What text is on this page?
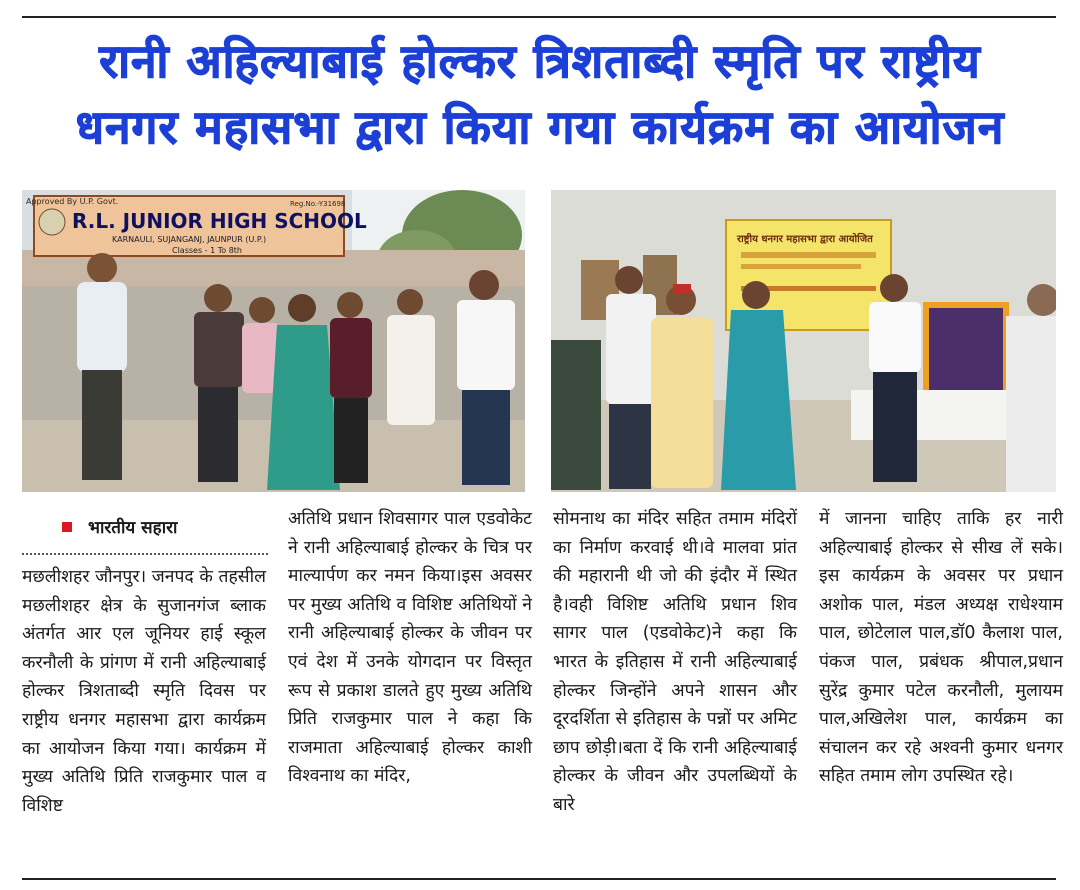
रानी अहिल्याबाई होल्कर त्रिशताब्दी स्मृति पर राष्ट्रीय
धनगर महासभा द्वारा किया गया कार्यक्रम का आयोजन
Approved By U.P. Govt.	Reg.No.-Y31698
R.L. JUNIOR HIGH SCHOOL
KARNAULI, SUJANGANJ, JAUNPUR (U.P.)
Classes - 1 To 8th
राष्ट्रीय धनगर महासभा द्वारा आयोजित
भारतीय सहारा

मछलीशहर जौनपुर। जनपद के तहसील मछलीशहर क्षेत्र के सुजानगंज ब्लाक अंतर्गत आर एल जूनियर हाई स्कूल करनौली के प्रांगण में रानी अहिल्याबाई होल्कर त्रिशताब्दी स्मृति दिवस पर राष्ट्रीय धनगर महासभा द्वारा कार्यक्रम का आयोजन किया गया। कार्यक्रम में मुख्य अतिथि प्रिति राजकुमार पाल व विशिष्ट

अतिथि प्रधान शिवसागर पाल एडवोकेट ने रानी अहिल्याबाई होल्कर के चित्र पर माल्यार्पण कर नमन किया।इस अवसर पर मुख्य अतिथि व विशिष्ट अतिथियों ने रानी अहिल्याबाई होल्कर के जीवन पर एवं देश में उनके योगदान पर विस्तृत रूप से प्रकाश डालते हुए मुख्य अतिथि प्रिति राजकुमार पाल ने कहा कि राजमाता अहिल्याबाई होल्कर काशी विश्वनाथ का मंदिर,

सोमनाथ का मंदिर सहित तमाम मंदिरों का निर्माण करवाई थी।वे मालवा प्रांत की महारानी थी जो की इंदौर में स्थित है।वही विशिष्ट अतिथि प्रधान शिव सागर पाल (एडवोकेट)ने कहा कि भारत के इतिहास में रानी अहिल्याबाई होल्कर जिन्होंने अपने शासन और दूरदर्शिता से इतिहास के पन्नों पर अमिट छाप छोड़ी।बता दें कि रानी अहिल्याबाई होल्कर के जीवन और उपलब्धियों के बारे

में जानना चाहिए ताकि हर नारी अहिल्याबाई होल्कर से सीख लें सके।इस कार्यक्रम के अवसर पर प्रधान अशोक पाल, मंडल अध्यक्ष राधेश्याम पाल, छोटेलाल पाल,डॉ0 कैलाश पाल, पंकज पाल, प्रबंधक श्रीपाल,प्रधान सुरेंद्र कुमार पटेल करनौली, मुलायम पाल,अखिलेश पाल, कार्यक्रम का संचालन कर रहे अश्वनी कुमार धनगर सहित तमाम लोग उपस्थित रहे।
